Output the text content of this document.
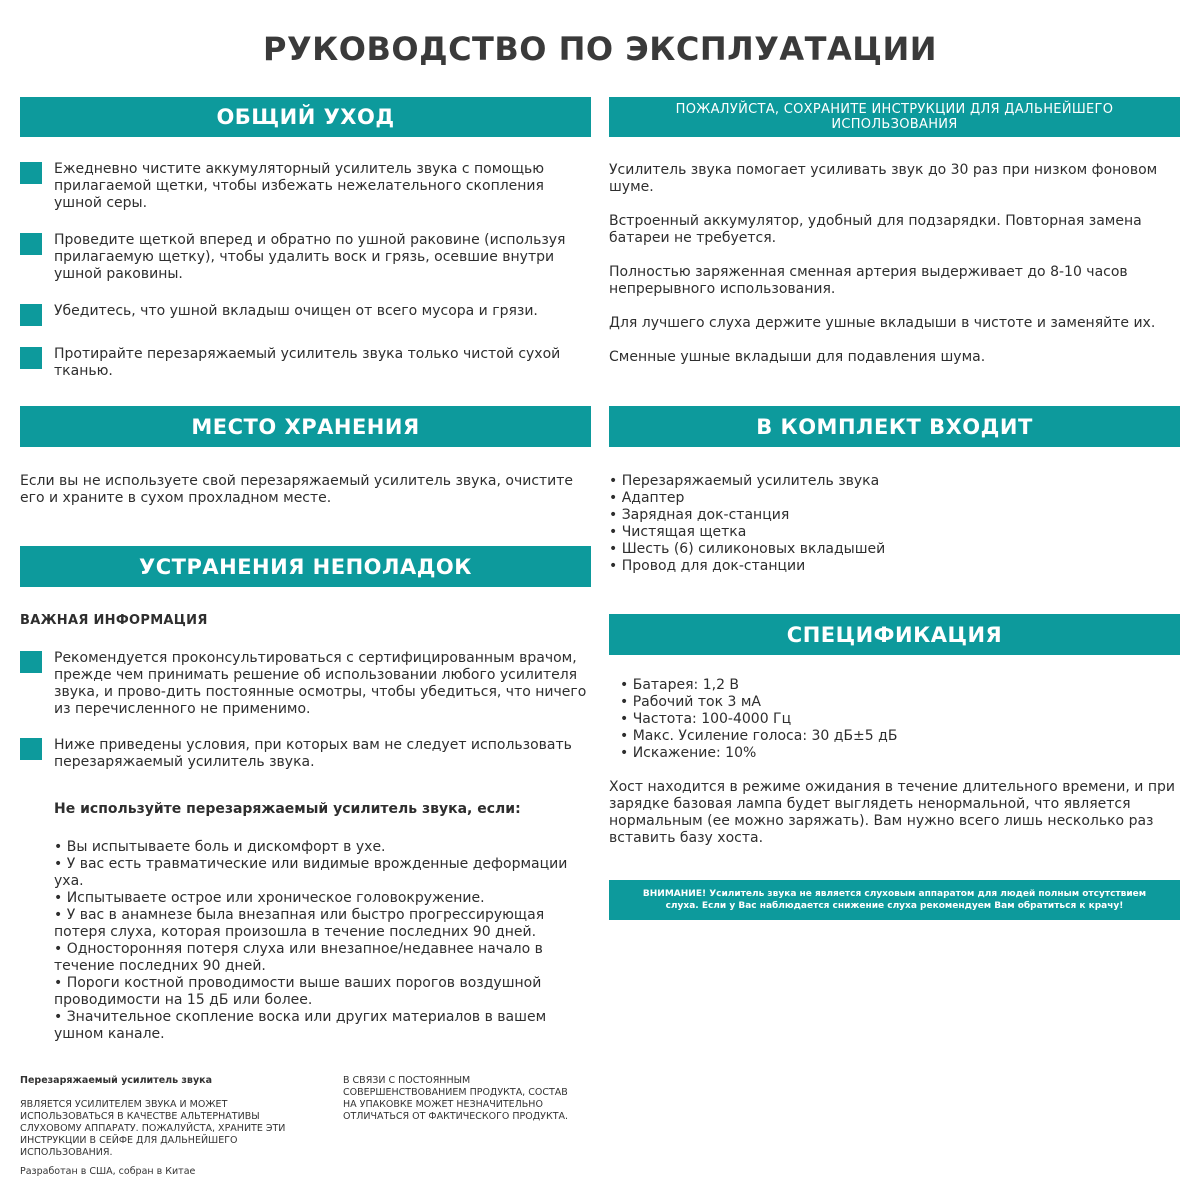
РУКОВОДСТВО ПО ЭКСПЛУАТАЦИИ
ОБЩИЙ УХОД
Ежедневно чистите аккумуляторный усилитель звука с помощью прилагаемой щетки, чтобы избежать нежелательного скопления ушной серы.
Проведите щеткой вперед и обратно по ушной раковине (используя прилагаемую щетку), чтобы удалить воск и грязь, осевшие внутри ушной раковины.
Убедитесь, что ушной вкладыш очищен от всего мусора и грязи.
Протирайте перезаряжаемый усилитель звука только чистой сухой тканью.
МЕСТО ХРАНЕНИЯ
Если вы не используете свой перезаряжаемый усилитель звука, очистите его и храните в сухом прохладном месте.
УСТРАНЕНИЯ НЕПОЛАДОК
ВАЖНАЯ ИНФОРМАЦИЯ
Рекомендуется проконсультироваться с сертифицированным врачом, прежде чем принимать решение об использовании любого усилителя звука, и прово-дить постоянные осмотры, чтобы убедиться, что ничего из перечисленного не применимо.
Ниже приведены условия, при которых вам не следует использовать перезаряжаемый усилитель звука.
Не используйте перезаряжаемый усилитель звука, если:
• Вы испытываете боль и дискомфорт в ухе.
• У вас есть травматические или видимые врожденные деформации уха.
• Испытываете острое или хроническое головокружение.
• У вас в анамнезе была внезапная или быстро прогрессирующая потеря слуха, которая произошла в течение последних 90 дней.
• Односторонняя потеря слуха или внезапное/недавнее начало в течение последних 90 дней.
• Пороги костной проводимости выше ваших порогов воздушной проводимости на 15 дБ или более.
• Значительное скопление воска или других материалов в вашем ушном канале.
ПОЖАЛУЙСТА, СОХРАНИТЕ ИНСТРУКЦИИ ДЛЯ ДАЛЬНЕЙШЕГО ИСПОЛЬЗОВАНИЯ
Усилитель звука помогает усиливать звук до 30 раз при низком фоновом шуме.
Встроенный аккумулятор, удобный для подзарядки. Повторная замена батареи не требуется.
Полностью заряженная сменная артерия выдерживает до 8-10 часов непрерывного использования.
Для лучшего слуха держите ушные вкладыши в чистоте и заменяйте их.
Сменные ушные вкладыши для подавления шума.
В КОМПЛЕКТ ВХОДИТ
• Перезаряжаемый усилитель звука
• Адаптер
• Зарядная док-станция
• Чистящая щетка
• Шесть (6) силиконовых вкладышей
• Провод для док-станции
СПЕЦИФИКАЦИЯ
• Батарея: 1,2 В
• Рабочий ток 3 мА
• Частота: 100-4000 Гц
• Макс. Усиление голоса: 30 дБ±5 дБ
• Искажение: 10%
Хост находится в режиме ожидания в течение длительного времени, и при зарядке базовая лампа будет выглядеть ненормальной, что является нормальным (ее можно заряжать). Вам нужно всего лишь несколько раз вставить базу хоста.
ВНИМАНИЕ! Усилитель звука не является слуховым аппаратом для людей полным отсутствием слуха. Если у Вас наблюдается снижение слуха рекомендуем Вам обратиться к крачу!
Перезаряжаемый усилитель звука
ЯВЛЯЕТСЯ УСИЛИТЕЛЕМ ЗВУКА И МОЖЕТ ИСПОЛЬЗОВАТЬСЯ В КАЧЕСТВЕ АЛЬТЕРНАТИВЫ СЛУХОВОМУ АППАРАТУ. ПОЖАЛУЙСТА, ХРАНИТЕ ЭТИ ИНСТРУКЦИИ В СЕЙФЕ ДЛЯ ДАЛЬНЕЙШЕГО ИСПОЛЬЗОВАНИЯ.
Разработан в США, собран в Китае
В СВЯЗИ С ПОСТОЯННЫМ СОВЕРШЕНСТВОВАНИЕМ ПРОДУКТА, СОСТАВ НА УПАКОВКЕ МОЖЕТ НЕЗНАЧИТЕЛЬНО ОТЛИЧАТЬСЯ ОТ ФАКТИЧЕСКОГО ПРОДУКТА.
